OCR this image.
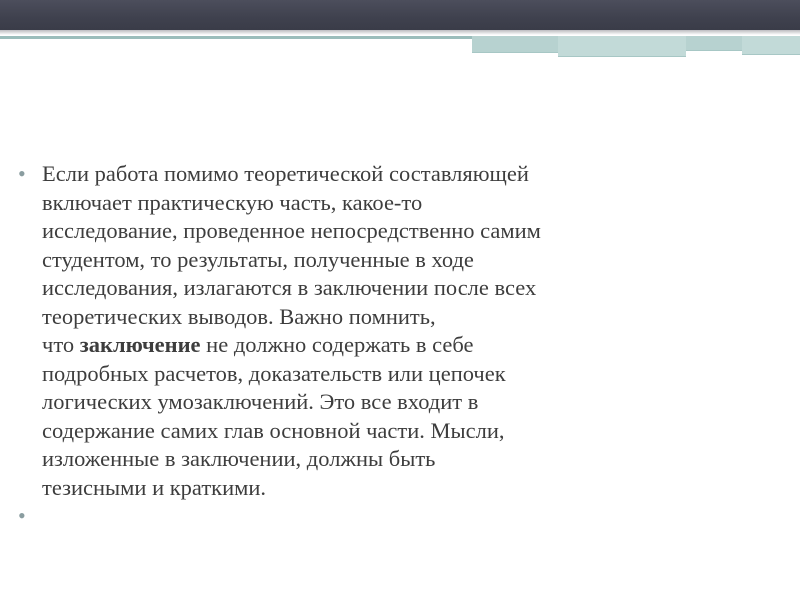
• Если работа помимо теоретической составляющей
включает практическую часть, какое-то
исследование, проведенное непосредственно самим
студентом, то результаты, полученные в ходе
исследования, излагаются в заключении после всех
теоретических выводов. Важно помнить,
что заключение не должно содержать в себе
подробных расчетов, доказательств или цепочек
логических умозаключений. Это все входит в
содержание самих глав основной части. Мысли,
изложенные в заключении, должны быть
тезисными и краткими.
•
